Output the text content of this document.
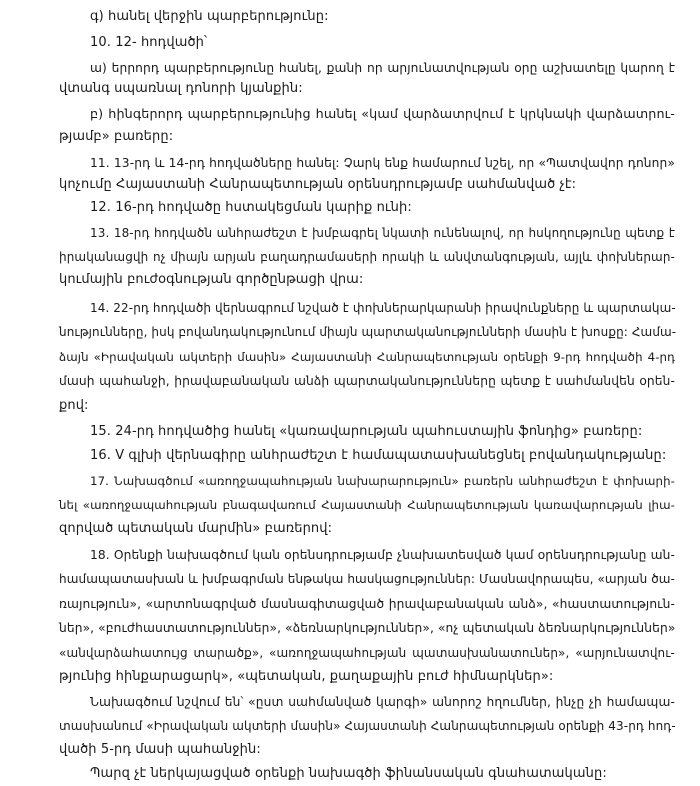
գ) հանել վերջին պարբերությունը:

10. 12- հոդվածի՝

ա) երրորդ պարբերությունը հանել, քանի որ արյունատվության օրը աշխատելը կարող է

վտանգ սպառնալ դոնորի կյանքին:

բ) հինգերորդ պարբերությունից հանել «կամ վարձատրվում է կրկնակի վարձատրու-

թյամբ» բառերը:

11. 13-րդ և 14-րդ հոդվածները հանել: Չարկ ենք համարում նշել, որ «Պատվավոր դոնոր»

կոչումը Հայաստանի Հանրապետության օրենսդրությամբ սահմանված չէ:

12. 16-րդ հոդվածը հստակեցման կարիք ունի:

13. 18-րդ հոդվածն անհրաժեշտ է խմբագրել նկատի ունենալով, որ հսկողությունը պետք է

իրականացվի ոչ միայն արյան բաղադրամասերի որակի և անվտանգության, այլև փոխներար-

կումային բուժօգնության գործընթացի վրա:

14. 22-րդ հոդվածի վերնագրում նշված է փոխներարկարանի իրավունքները և պարտակա-

նությունները, իսկ բովանդակությունում միայն պարտականությունների մասին է խոսքը: Համա-

ձայն «Իրավական ակտերի մասին» Հայաստանի Հանրապետության օրենքի 9-րդ հոդվածի 4-րդ

մասի պահանջի, իրավաբանական անձի պարտականությունները պետք է սահմանվեն օրեն-

քով:

15. 24-րդ հոդվածից հանել «կառավարության պահուստային ֆոնդից» բառերը:

16. V գլխի վերնագիրը անհրաժեշտ է համապատասխանեցնել բովանդակությանը:

17. Նախագծում «առողջապահության նախարարություն» բառերն անհրաժեշտ է փոխարի-

նել «առողջապահության բնագավառում Հայաստանի Հանրապետության կառավարության լիա-

զորված պետական մարմին» բառերով:

18. Օրենքի նախագծում կան օրենսդրությամբ չնախատեսված կամ օրենսդրությանը ան-

համապատասխան և խմբագրման ենթակա հասկացություններ: Մասնավորապես, «արյան ծա-

ռայություն», «արտոնագրված մասնագիտացված իրավաբանական անձ», «հաստատություն-

ներ», «բուժհաստատություններ», «ձեռնարկություններ», «ոչ պետական ձեռնարկություններ»

«անվարձահատույց տարածք», «առողջապահության պատասխանատուներ», «արյունատվու-

թյունից հինքարացարկ», «պետական, քաղաքային բուժ հիմնարկներ»:

Նախագծում նշվում են՝ «ըստ սահմանված կարգի» անորոշ հղումներ, ինչը չի համապա-

տասխանում «Իրավական ակտերի մասին» Հայաստանի Հանրապետության օրենքի 43-րդ հոդ-

վածի 5-րդ մասի պահանջին:

Պարզ չէ ներկայացված օրենքի նախագծի ֆինանսական գնահատականը:
